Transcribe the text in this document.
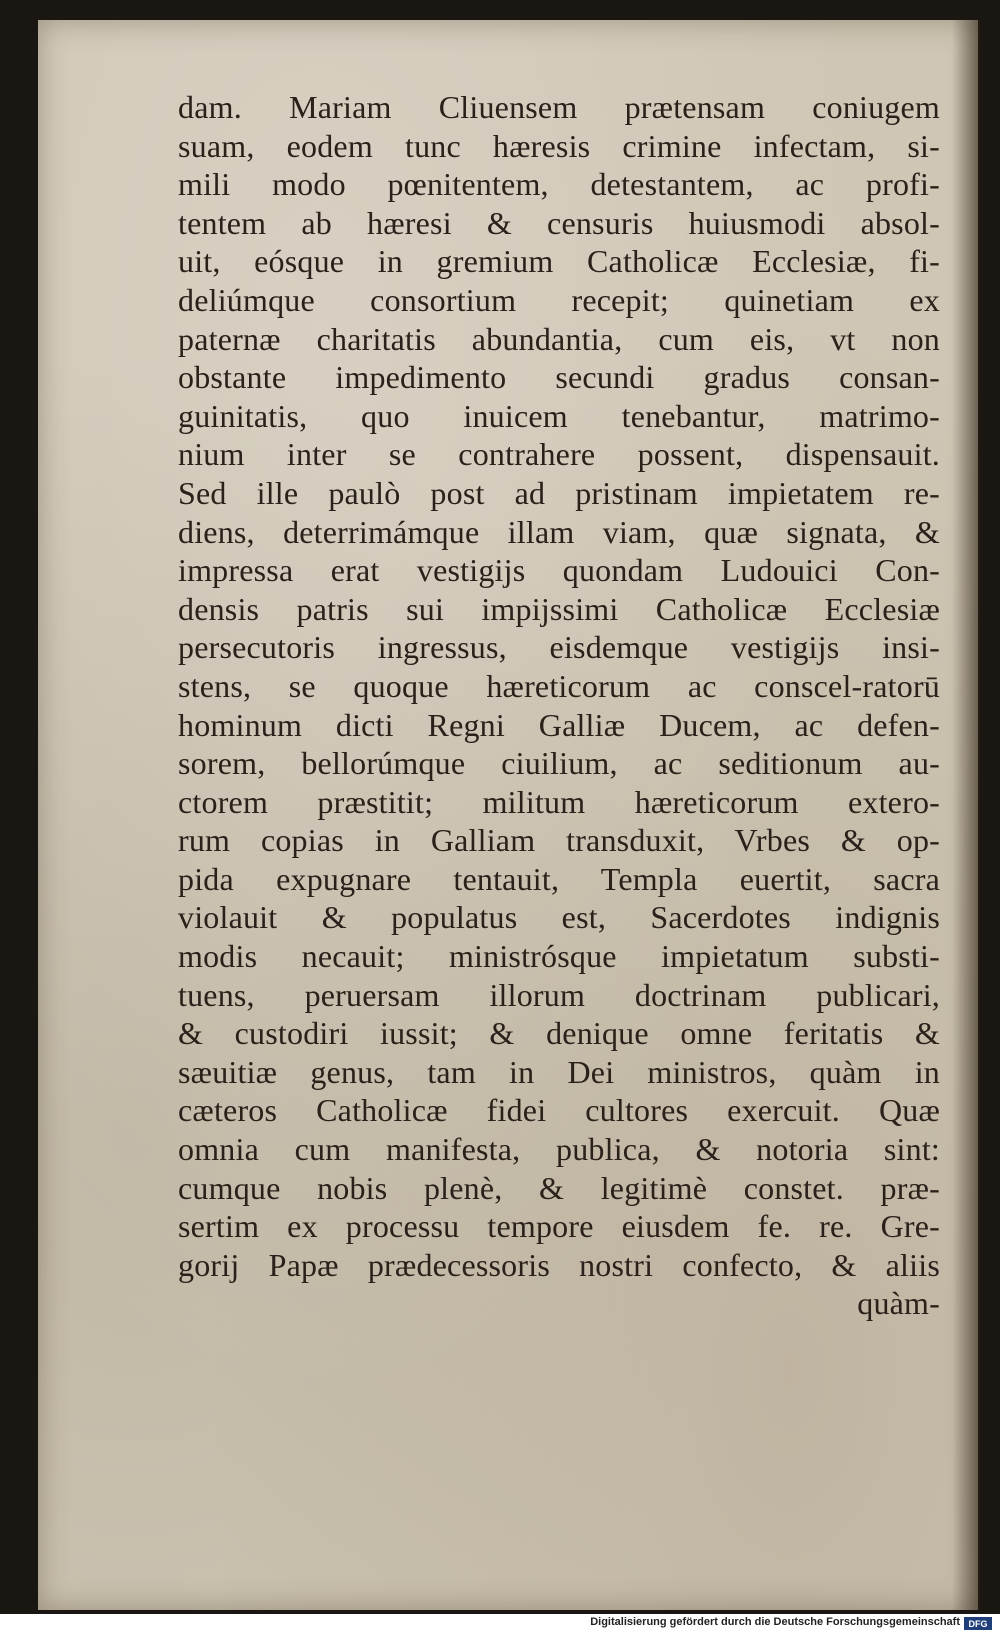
dam. Mariam Cliuensem prætensam coniugem
suam, eodem tunc hæresis crimine infectam, si-
mili modo pœnitentem, detestantem, ac profi-
tentem ab hæresi & censuris huiusmodi absol-
uit, eósque in gremium Catholicæ Ecclesiæ, fi-
deliúmque consortium recepit; quinetiam ex
paternæ charitatis abundantia, cum eis, vt non
obstante impedimento secundi gradus consan-
guinitatis, quo inuicem tenebantur, matrimo-
nium inter se contrahere possent, dispensauit.
Sed ille paulò post ad pristinam impietatem re-
diens, deterrimámque illam viam, quæ signata, &
impressa erat vestigijs quondam Ludouici Con-
densis patris sui impijssimi Catholicæ Ecclesiæ
persecutoris ingressus, eisdemque vestigijs insi-
stens, se quoque hæreticorum ac conscel-ratorū
hominum dicti Regni Galliæ Ducem, ac defen-
sorem, bellorúmque ciuilium, ac seditionum au-
ctorem præstitit; militum hæreticorum extero-
rum copias in Galliam transduxit, Vrbes & op-
pida expugnare tentauit, Templa euertit, sacra
violauit & populatus est, Sacerdotes indignis
modis necauit; ministrósque impietatum substi-
tuens, peruersam illorum doctrinam publicari,
& custodiri iussit; & denique omne feritatis &
sæuitiæ genus, tam in Dei ministros, quàm in
cæteros Catholicæ fidei cultores exercuit. Quæ
omnia cum manifesta, publica, & notoria sint:
cumque nobis plenè, & legitimè constet. præ-
sertim ex processu tempore eiusdem fe. re. Gre-
gorij Papæ prædecessoris nostri confecto, & aliis
quàm-
Digitalisierung gefördert durch die Deutsche Forschungsgemeinschaft DFG
